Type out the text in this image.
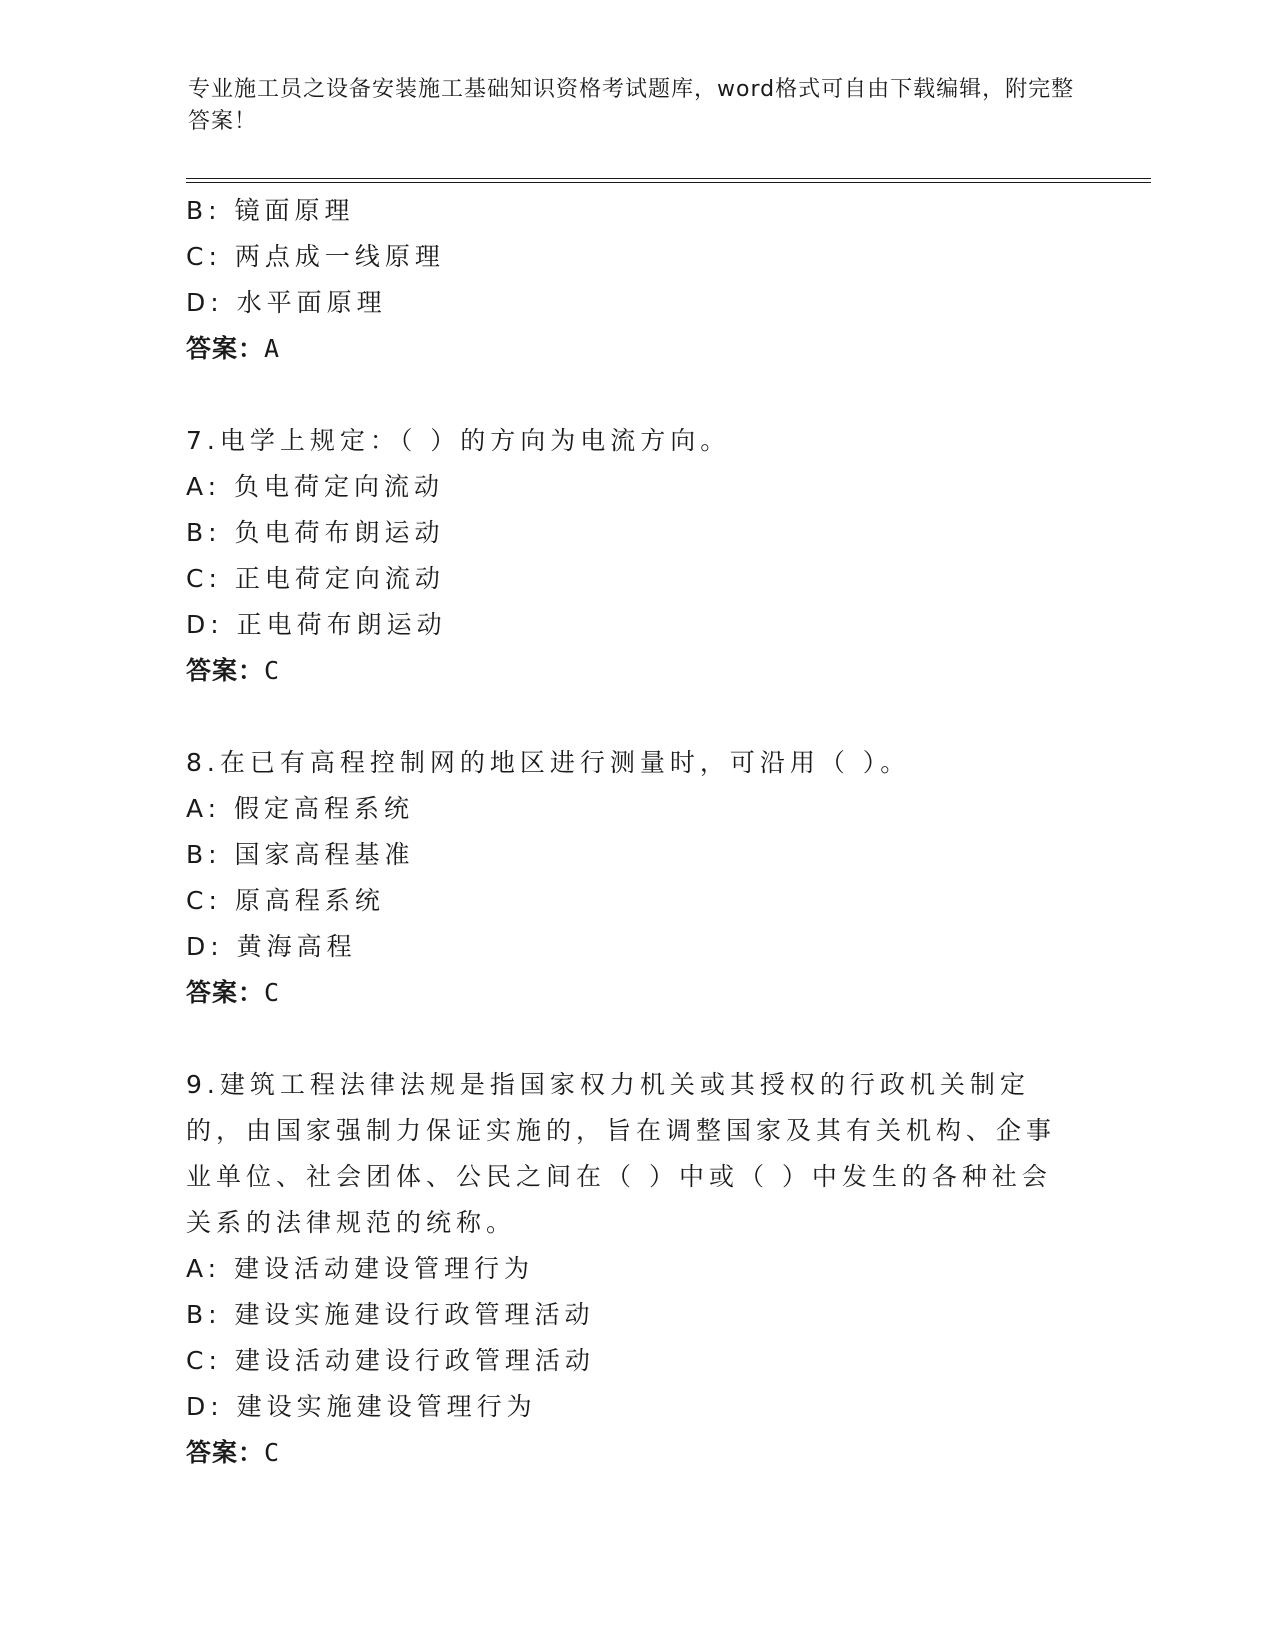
专业施工员之设备安装施工基础知识资格考试题库，word格式可自由下载编辑，附完整答案！
B: 镜面原理
C: 两点成一线原理
D: 水平面原理
答案：A
7.电学上规定：（ ）的方向为电流方向。
A: 负电荷定向流动
B: 负电荷布朗运动
C: 正电荷定向流动
D: 正电荷布朗运动
答案：C
8.在已有高程控制网的地区进行测量时，可沿用（ ）。
A: 假定高程系统
B: 国家高程基准
C: 原高程系统
D: 黄海高程
答案：C
9.建筑工程法律法规是指国家权力机关或其授权的行政机关制定的，由国家强制力保证实施的，旨在调整国家及其有关机构、企事业单位、社会团体、公民之间在（ ）中或（ ）中发生的各种社会关系的法律规范的统称。
A: 建设活动建设管理行为
B: 建设实施建设行政管理活动
C: 建设活动建设行政管理活动
D: 建设实施建设管理行为
答案：C
